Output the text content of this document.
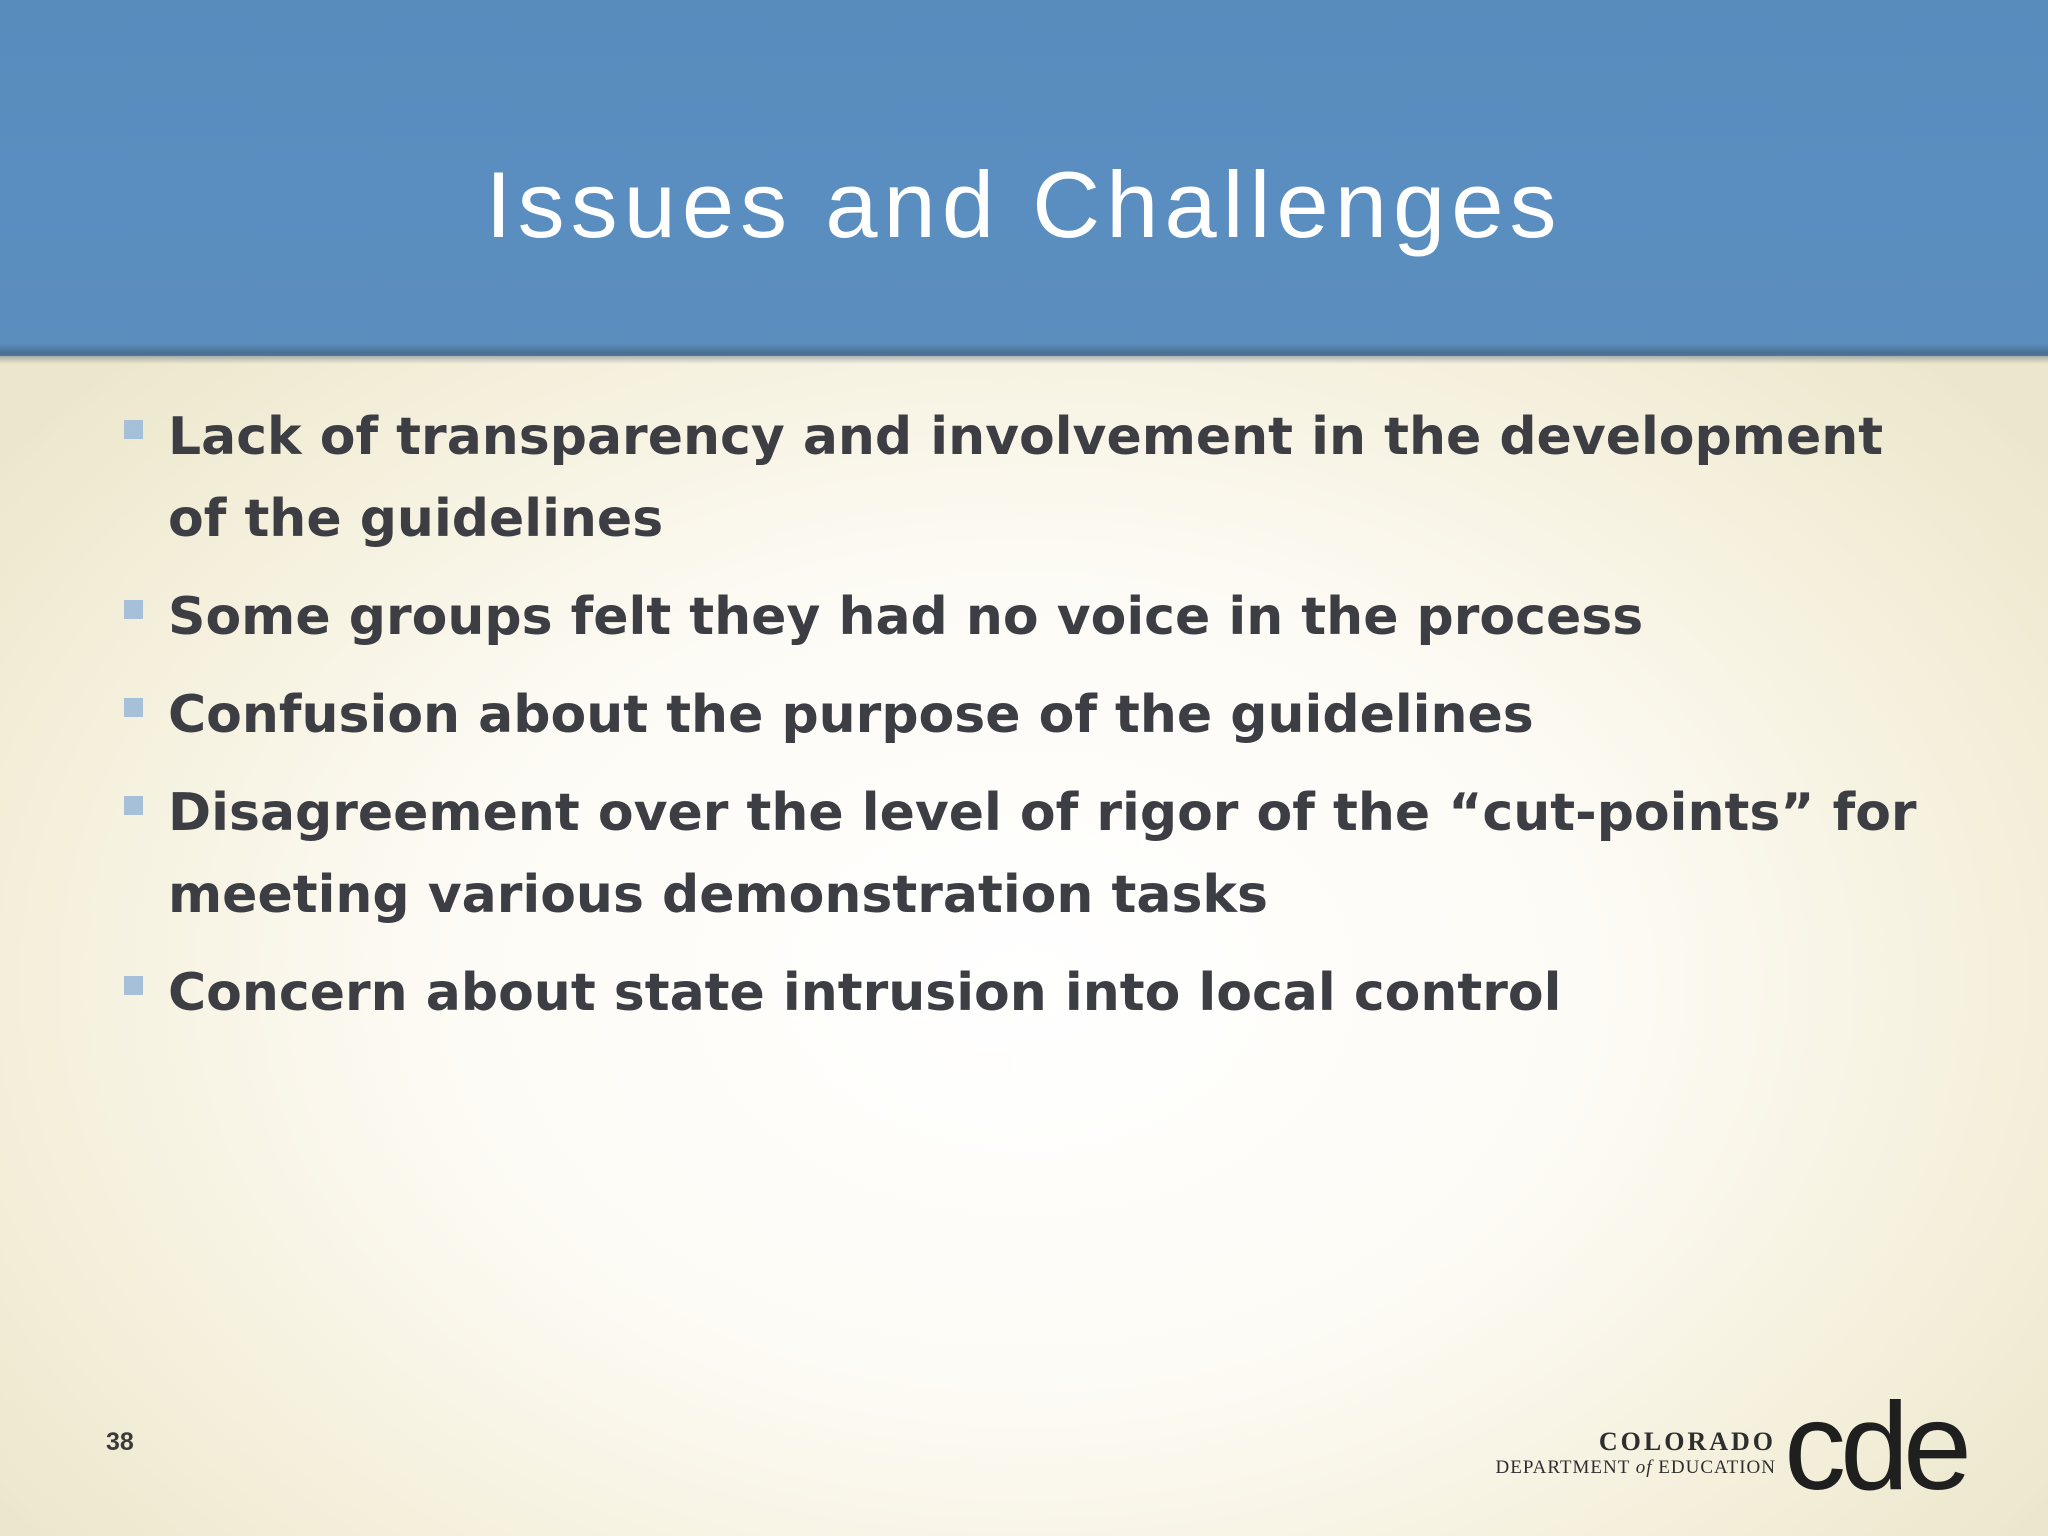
Issues and Challenges
Lack of transparency and involvement in the development of the guidelines
Some groups felt they had no voice in the process
Confusion about the purpose of the guidelines
Disagreement over the level of rigor of the “cut-points” for meeting various demonstration tasks
Concern about state intrusion into local control
38	COLORADO
DEPARTMENT of EDUCATION cde
